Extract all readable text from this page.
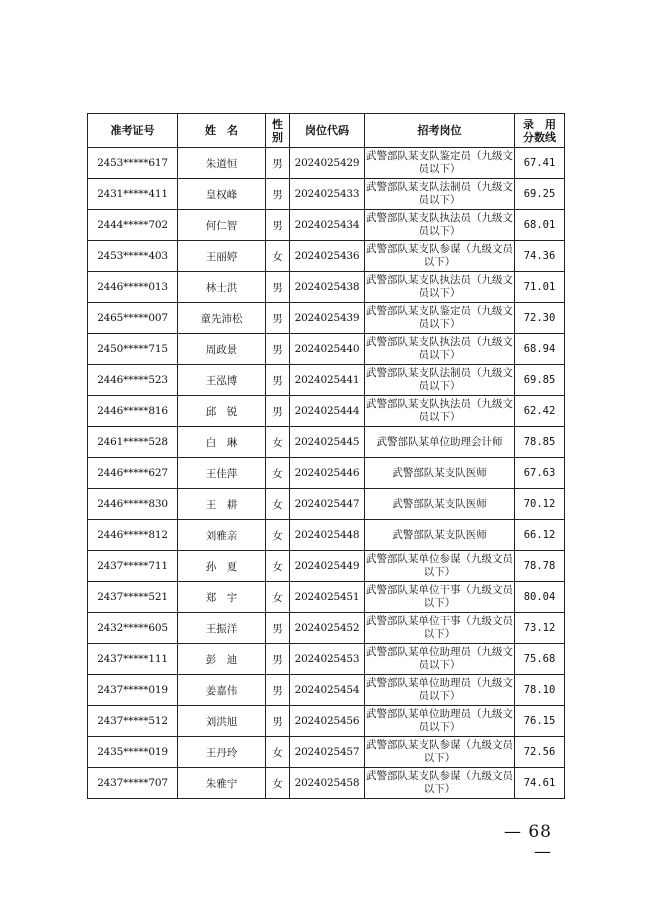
准考证号	姓　名	性别	岗位代码	招考岗位	录　用分数线
2453*****617	朱道恒	男	2024025429	武警部队某支队鉴定员（九级文员以下）	67.41
2431*****411	皇权峰	男	2024025433	武警部队某支队法制员（九级文员以下）	69.25
2444*****702	何仁智	男	2024025434	武警部队某支队执法员（九级文员以下）	68.01
2453*****403	王丽婷	女	2024025436	武警部队某支队参谋（九级文员以下）	74.36
2446*****013	林士洪	男	2024025438	武警部队某支队执法员（九级文员以下）	71.01
2465*****007	童先沛松	男	2024025439	武警部队某支队鉴定员（九级文员以下）	72.30
2450*****715	周政景	男	2024025440	武警部队某支队执法员（九级文员以下）	68.94
2446*****523	王泓博	男	2024025441	武警部队某支队法制员（九级文员以下）	69.85
2446*****816	邱　锐	男	2024025444	武警部队某支队执法员（九级文员以下）	62.42
2461*****528	白　琳	女	2024025445	武警部队某单位助理会计师	78.85
2446*****627	王佳萍	女	2024025446	武警部队某支队医师	67.63
2446*****830	王　耕	女	2024025447	武警部队某支队医师	70.12
2446*****812	刘雅亲	女	2024025448	武警部队某支队医师	66.12
2437*****711	孙　夏	女	2024025449	武警部队某单位参谋（九级文员以下）	78.78
2437*****521	郑　宇	女	2024025451	武警部队某单位干事（九级文员以下）	80.04
2432*****605	王振洋	男	2024025452	武警部队某单位干事（九级文员以下）	73.12
2437*****111	彭　迪	男	2024025453	武警部队某单位助理员（九级文员以下）	75.68
2437*****019	姜嘉伟	男	2024025454	武警部队某单位助理员（九级文员以下）	78.10
2437*****512	刘洪旭	男	2024025456	武警部队某单位助理员（九级文员以下）	76.15
2435*****019	王丹玲	女	2024025457	武警部队某支队参谋（九级文员以下）	72.56
2437*****707	朱雅宁	女	2024025458	武警部队某支队参谋（九级文员以下）	74.61
— 68 —
